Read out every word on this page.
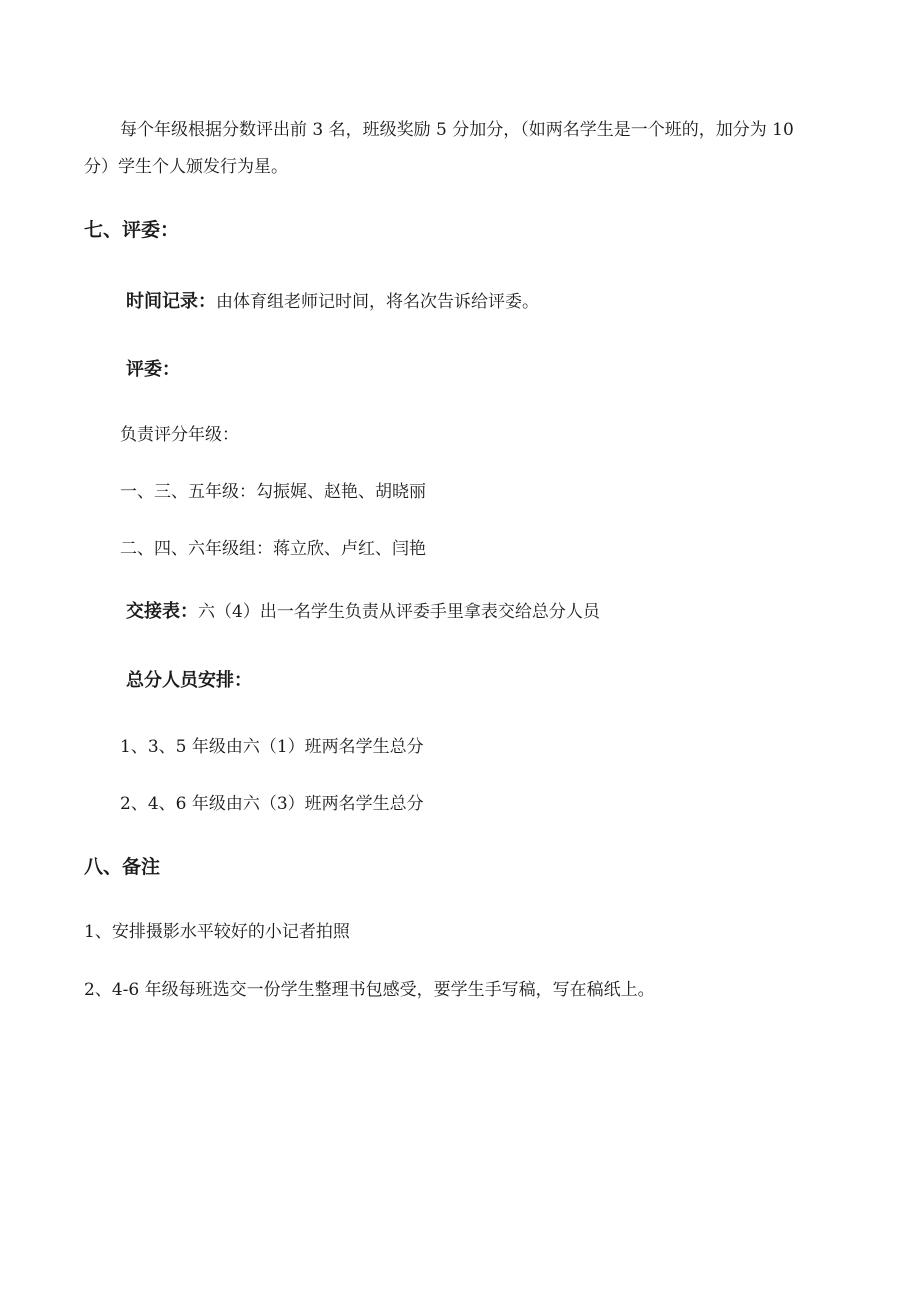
每个年级根据分数评出前 3 名，班级奖励 5 分加分，（如两名学生是一个班的，加分为 10
分）学生个人颁发行为星。
七、评委：
时间记录：由体育组老师记时间，将名次告诉给评委。
评委：
负责评分年级：
一、三、五年级：勾振娓、赵艳、胡晓丽
二、四、六年级组：蒋立欣、卢红、闫艳
交接表：六（4）出一名学生负责从评委手里拿表交给总分人员
总分人员安排：
1、3、5 年级由六（1）班两名学生总分
2、4、6 年级由六（3）班两名学生总分
八、备注
1、安排摄影水平较好的小记者拍照
2、4-6 年级每班选交一份学生整理书包感受，要学生手写稿，写在稿纸上。
